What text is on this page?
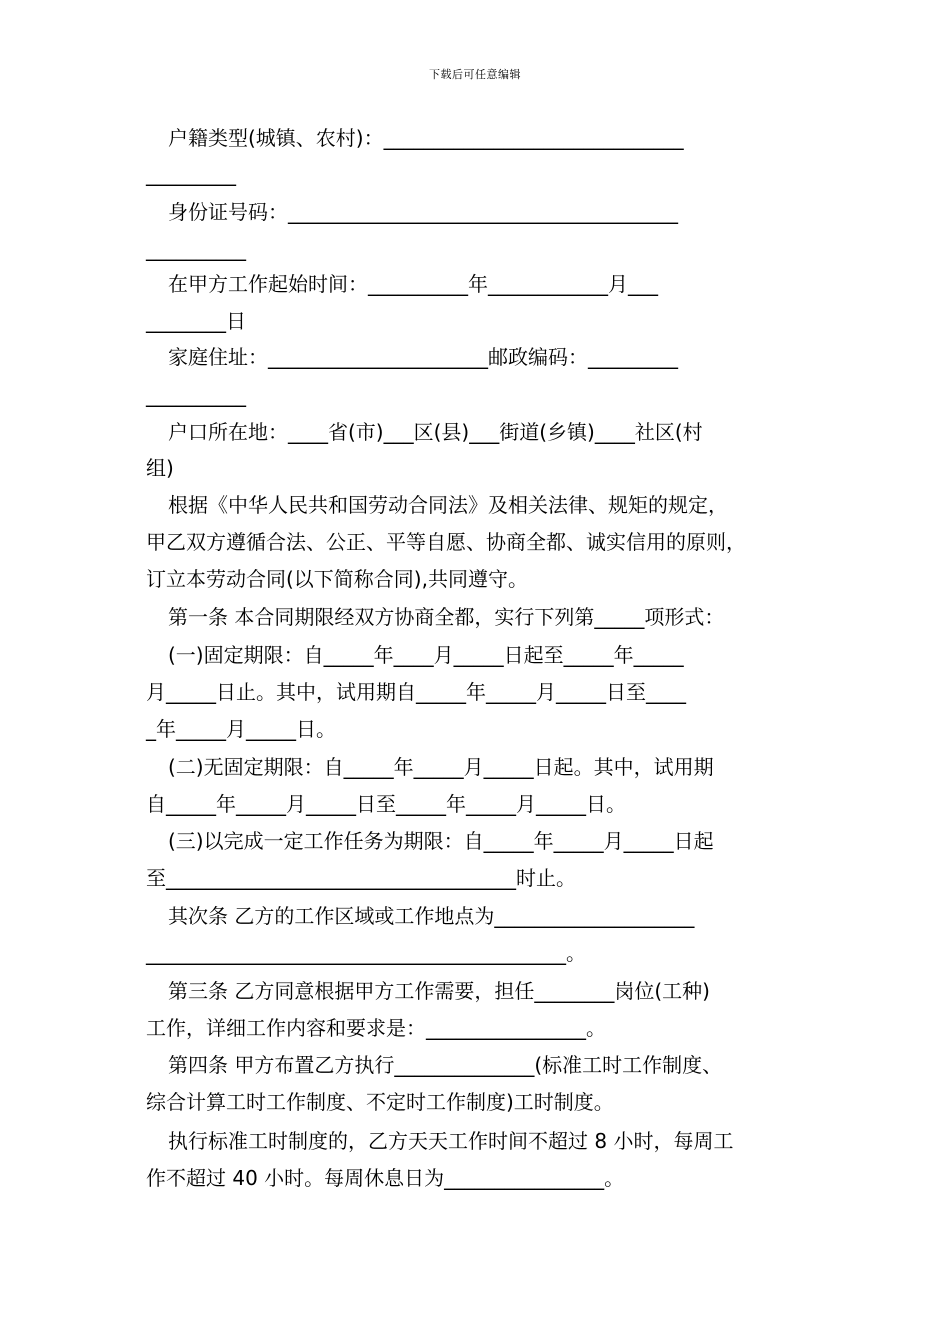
下载后可任意编辑
户籍类型(城镇、农村)：______________________________
_________
身份证号码：_______________________________________
__________
在甲方工作起始时间：__________年____________月___
________日
家庭住址：______________________邮政编码：_________
__________
户口所在地：____省(市)___区(县)___街道(乡镇)____社区(村
组)
根据《中华人民共和国劳动合同法》及相关法律、规矩的规定，
甲乙双方遵循合法、公正、平等自愿、协商全都、诚实信用的原则，
订立本劳动合同(以下简称合同),共同遵守。
第一条 本合同期限经双方协商全都，实行下列第_____项形式：
(一)固定期限：自_____年____月_____日起至_____年_____
月_____日止。其中，试用期自_____年_____月_____日至____
_年_____月_____日。
(二)无固定期限：自_____年_____月_____日起。其中，试用期
自_____年_____月_____日至_____年_____月_____日。
(三)以完成一定工作任务为期限：自_____年_____月_____日起
至___________________________________时止。
其次条 乙方的工作区域或工作地点为____________________
__________________________________________。
第三条 乙方同意根据甲方工作需要，担任________岗位(工种)
工作，详细工作内容和要求是：________________。
第四条 甲方布置乙方执行______________(标准工时工作制度、
综合计算工时工作制度、不定时工作制度)工时制度。
执行标准工时制度的，乙方天天工作时间不超过 8 小时，每周工
作不超过 40 小时。每周休息日为________________。
